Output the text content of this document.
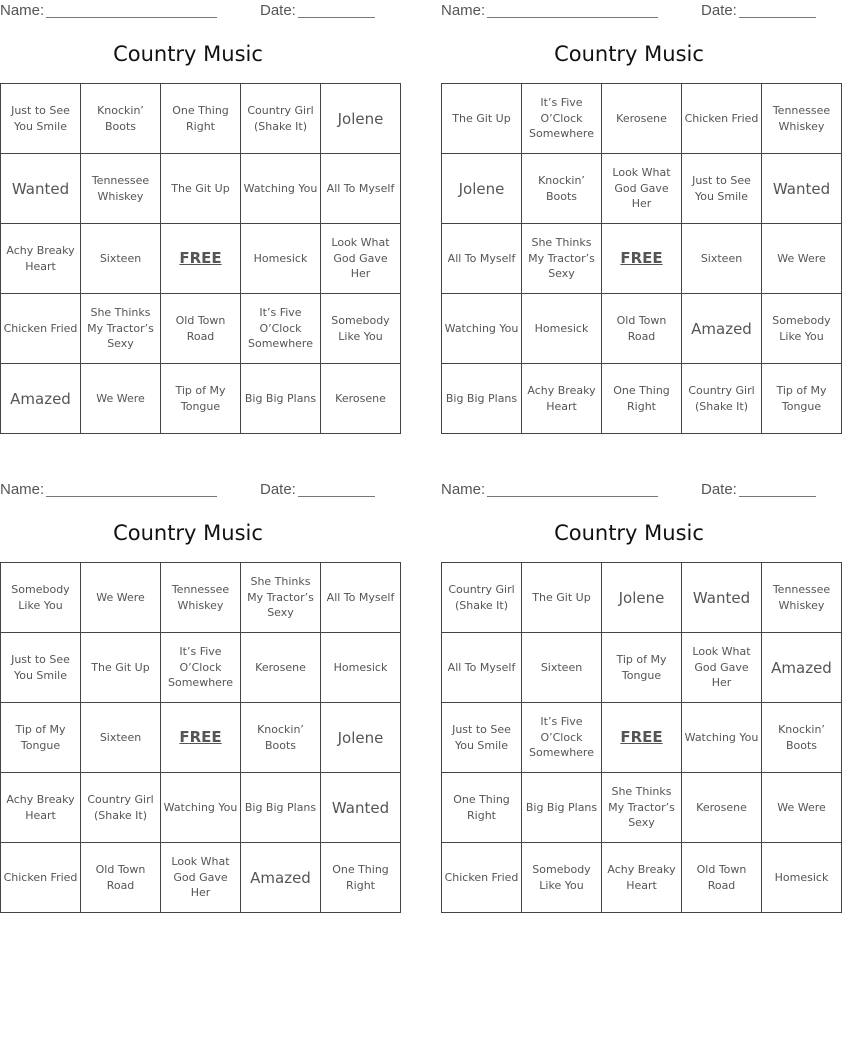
Name:	Date:
Country Music
Just to See You Smile	Knockin’ Boots	One Thing Right	Country Girl (Shake It)	Jolene
Wanted	Tennessee Whiskey	The Git Up	Watching You	All To Myself
Achy Breaky Heart	Sixteen	FREE	Homesick	Look What God Gave Her
Chicken Fried	She Thinks My Tractor’s Sexy	Old Town Road	It’s Five O’Clock Somewhere	Somebody Like You
Amazed	We Were	Tip of My Tongue	Big Big Plans	Kerosene
Name:	Date:
Country Music
The Git Up	It’s Five O’Clock Somewhere	Kerosene	Chicken Fried	Tennessee Whiskey
Jolene	Knockin’ Boots	Look What God Gave Her	Just to See You Smile	Wanted
All To Myself	She Thinks My Tractor’s Sexy	FREE	Sixteen	We Were
Watching You	Homesick	Old Town Road	Amazed	Somebody Like You
Big Big Plans	Achy Breaky Heart	One Thing Right	Country Girl (Shake It)	Tip of My Tongue
Name:	Date:
Country Music
Somebody Like You	We Were	Tennessee Whiskey	She Thinks My Tractor’s Sexy	All To Myself
Just to See You Smile	The Git Up	It’s Five O’Clock Somewhere	Kerosene	Homesick
Tip of My Tongue	Sixteen	FREE	Knockin’ Boots	Jolene
Achy Breaky Heart	Country Girl (Shake It)	Watching You	Big Big Plans	Wanted
Chicken Fried	Old Town Road	Look What God Gave Her	Amazed	One Thing Right
Name:	Date:
Country Music
Country Girl (Shake It)	The Git Up	Jolene	Wanted	Tennessee Whiskey
All To Myself	Sixteen	Tip of My Tongue	Look What God Gave Her	Amazed
Just to See You Smile	It’s Five O’Clock Somewhere	FREE	Watching You	Knockin’ Boots
One Thing Right	Big Big Plans	She Thinks My Tractor’s Sexy	Kerosene	We Were
Chicken Fried	Somebody Like You	Achy Breaky Heart	Old Town Road	Homesick
